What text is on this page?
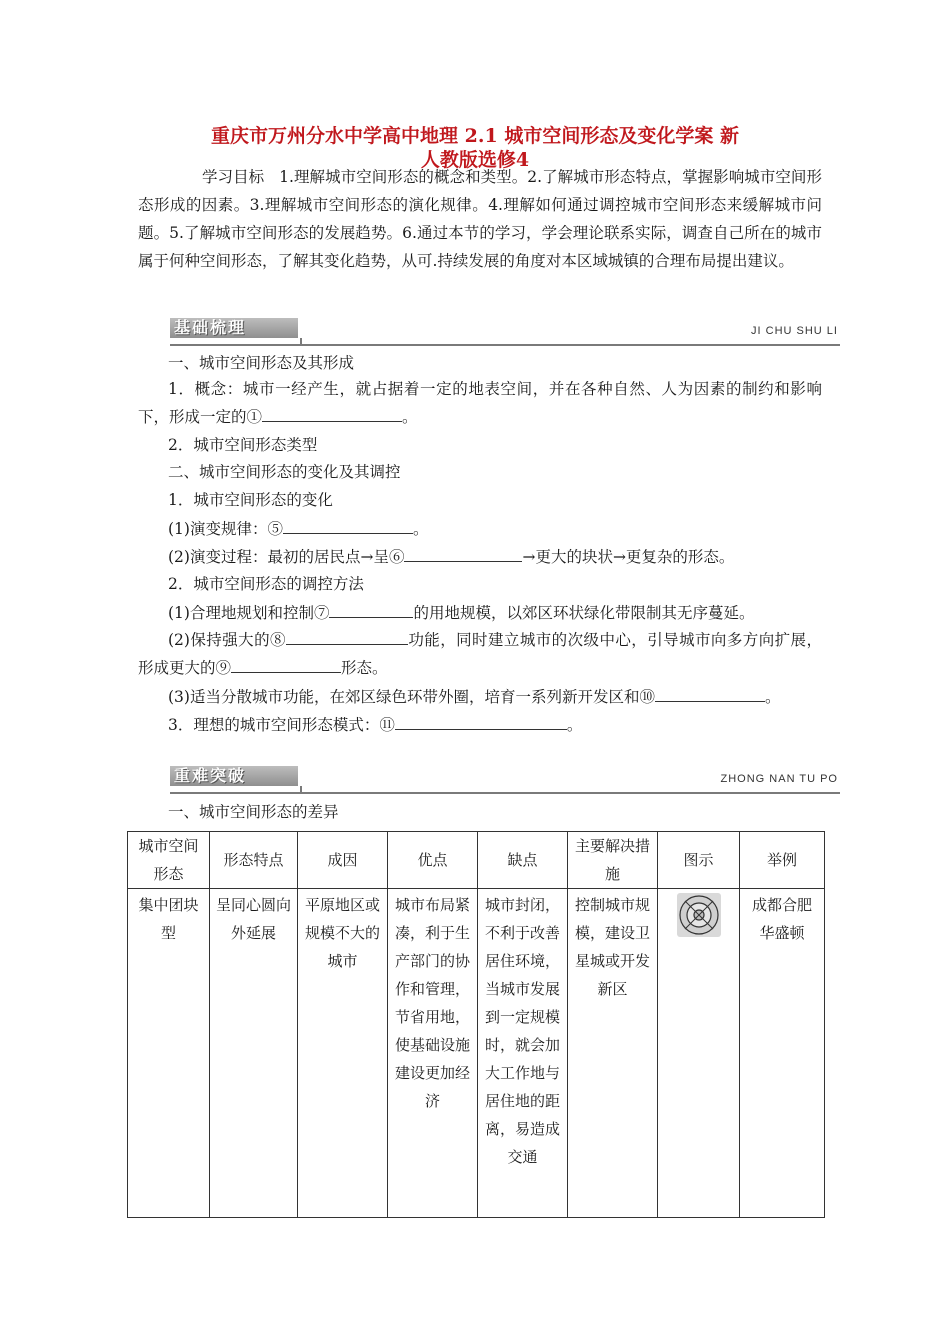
重庆市万州分水中学高中地理 2.1 城市空间形态及变化学案 新
人教版选修4
学习目标 1.理解城市空间形态的概念和类型。2.了解城市形态特点，掌握影响城市空间形态形成的因素。3.理解城市空间形态的演化规律。4.理解如何通过调控城市空间形态来缓解城市问题。5.了解城市空间形态的发展趋势。6.通过本节的学习，学会理论联系实际，调查自己所在的城市属于何种空间形态，了解其变化趋势，从可.持续发展的角度对本区域城镇的合理布局提出建议。
基础梳理	JI CHU SHU LI
一、城市空间形态及其形成
1．概念：城市一经产生，就占据着一定的地表空间，并在各种自然、人为因素的制约和影响下，形成一定的①	。
2．城市空间形态类型
二、城市空间形态的变化及其调控
1．城市空间形态的变化
(1)演变规律：⑤	。
(2)演变过程：最初的居民点→呈⑥	→更大的块状→更复杂的形态。
2．城市空间形态的调控方法
(1)合理地规划和控制⑦	的用地规模，以郊区环状绿化带限制其无序蔓延。
(2)保持强大的⑧	功能，同时建立城市的次级中心，引导城市向多方向扩展，形成更大的⑨	形态。
(3)适当分散城市功能，在郊区绿色环带外圈，培育一系列新开发区和⑩	。
3．理想的城市空间形态模式：⑪	。
重难突破	ZHONG NAN TU PO
一、城市空间形态的差异
城市空间形态	形态特点	成因	优点	缺点	主要解决措施	图示	举例
集中团块型	呈同心圆向外延展	平原地区或规模不大的城市	城市布局紧凑，利于生产部门的协作和管理，节省用地，使基础设施建设更加经济	城市封闭，不利于改善居住环境，当城市发展到一定规模时，就会加大工作地与居住地的距离，易造成交通	控制城市规模，建设卫星城或开发新区		成都合肥华盛顿
